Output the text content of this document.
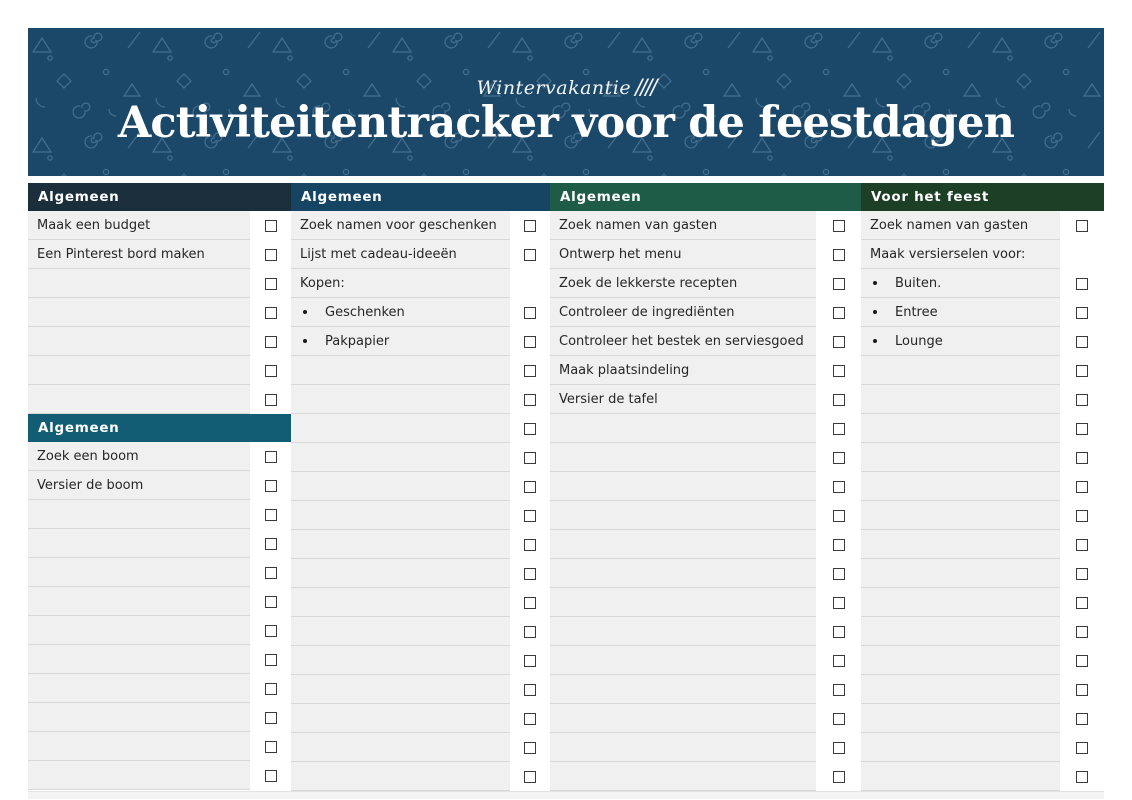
Wintervakantie ////
Activiteitentracker voor de feestdagen
Algemeen
Maak een budget
Een Pinterest bord maken
Algemeen
Zoek een boom
Versier de boom
Algemeen
Zoek namen voor geschenken
Lijst met cadeau-ideeën
Kopen:
Geschenken
Pakpapier
Algemeen
Zoek namen van gasten
Ontwerp het menu
Zoek de lekkerste recepten
Controleer de ingrediënten
Controleer het bestek en serviesgoed
Maak plaatsindeling
Versier de tafel
Voor het feest
Zoek namen van gasten
Maak versierselen voor:
Buiten.
Entree
Lounge
